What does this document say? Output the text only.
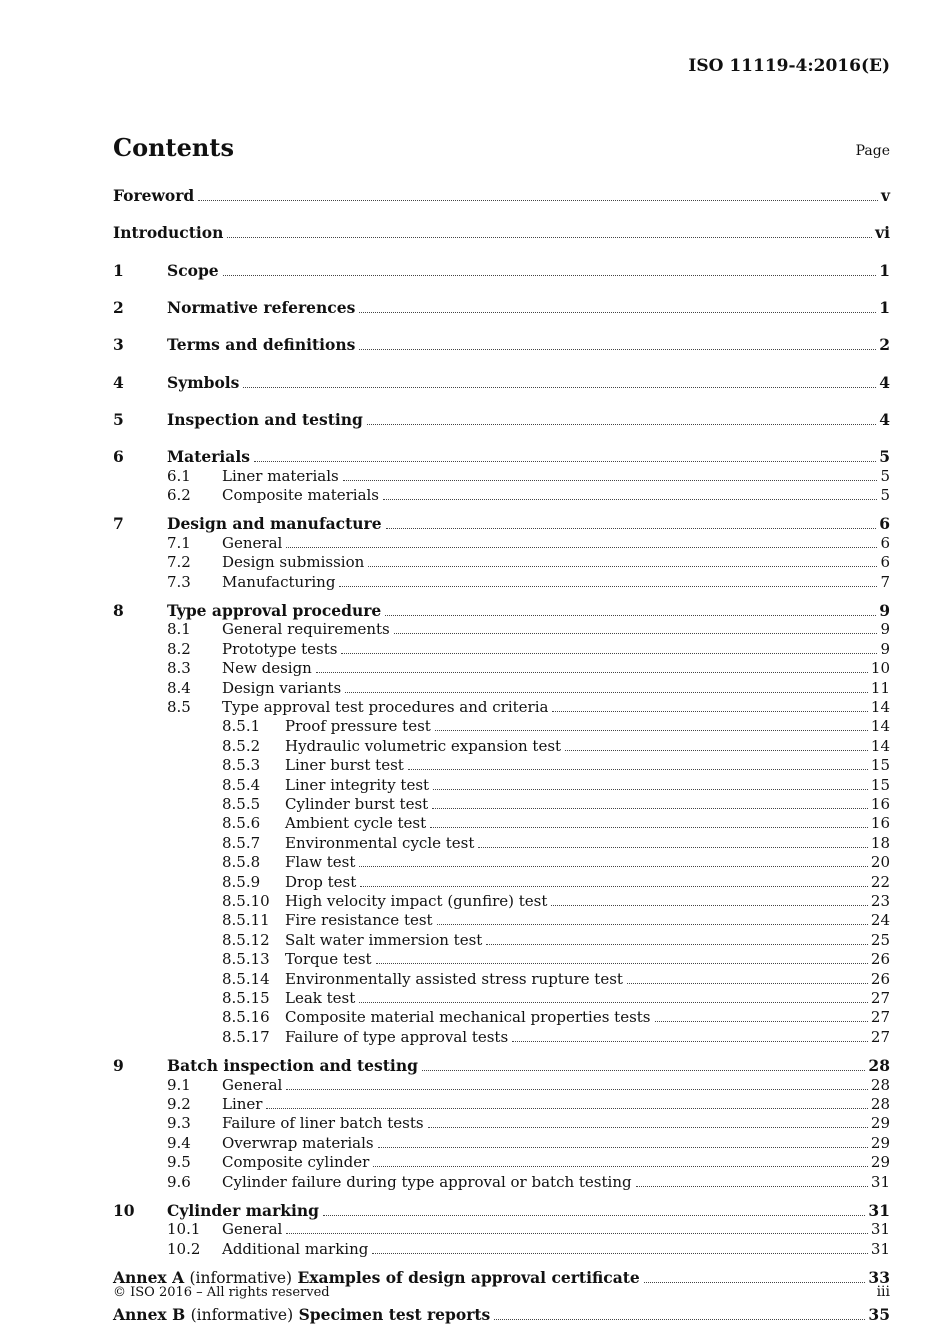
ISO 11119-4:2016(E)
Contents	Page
Foreword	v
Introduction	vi
1	Scope	1
2	Normative references	1
3	Terms and definitions	2
4	Symbols	4
5	Inspection and testing	4
6	Materials	5
6.1 Liner materials	5
6.2 Composite materials	5
7	Design and manufacture	6
7.1 General	6
7.2 Design submission	6
7.3 Manufacturing	7
8	Type approval procedure	9
8.1 General requirements	9
8.2 Prototype tests	9
8.3 New design	10
8.4 Design variants	11
8.5 Type approval test procedures and criteria	14
8.5.1 Proof pressure test	14
8.5.2 Hydraulic volumetric expansion test	14
8.5.3 Liner burst test	15
8.5.4 Liner integrity test	15
8.5.5 Cylinder burst test	16
8.5.6 Ambient cycle test	16
8.5.7 Environmental cycle test	18
8.5.8 Flaw test	20
8.5.9 Drop test	22
8.5.10 High velocity impact (gunfire) test	23
8.5.11 Fire resistance test	24
8.5.12 Salt water immersion test	25
8.5.13 Torque test	26
8.5.14 Environmentally assisted stress rupture test	26
8.5.15 Leak test	27
8.5.16 Composite material mechanical properties tests	27
8.5.17 Failure of type approval tests	27
9	Batch inspection and testing	28
9.1 General	28
9.2 Liner	28
9.3 Failure of liner batch tests	29
9.4 Overwrap materials	29
9.5 Composite cylinder	29
9.6 Cylinder failure during type approval or batch testing	31
10 Cylinder marking	31
10.1 General	31
10.2 Additional marking	31
Annex A (informative) Examples of design approval certificate	33
Annex B (informative) Specimen test reports	35
© ISO 2016 – All rights reserved	iii
